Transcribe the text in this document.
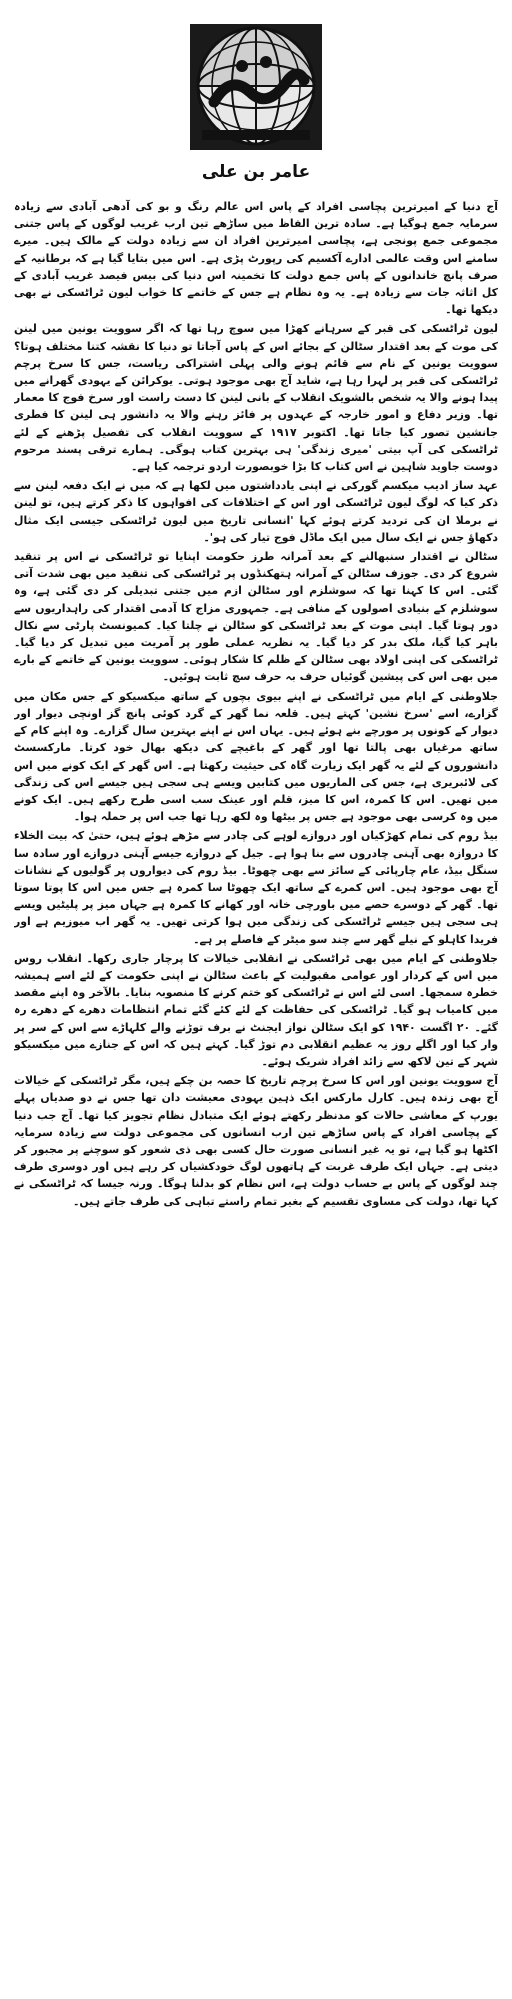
عامر بن علی

آج دنیا کے امیرترین پچاسی افراد کے پاس اس عالم رنگ و بو کی آدھی آبادی سے زیادہ سرمایہ جمع ہوگیا ہے۔ سادہ ترین الفاظ میں ساڑھے تین ارب غریب لوگوں کے پاس جتنی مجموعی جمع پونجی ہے، پچاسی امیرترین افراد ان سے زیادہ دولت کے مالک ہیں۔ میرے سامنے اس وقت عالمی ادارے آکسیم کی رپورٹ پڑی ہے۔ اس میں بتایا گیا ہے کہ برطانیہ کے صرف پانچ خاندانوں کے پاس جمع دولت کا تخمینہ اس دنیا کی بیس فیصد غریب آبادی کے کل اثاثہ جات سے زیادہ ہے۔ یہ وہ نظام ہے جس کے خاتمے کا خواب لیون ٹراٹسکی نے بھی دیکھا تھا۔

لیون ٹراٹسکی کی قبر کے سرہانے کھڑا میں سوچ رہا تھا کہ اگر سوویت یونین میں لینن کی موت کے بعد اقتدار سٹالن کے بجائے اس کے پاس آجاتا تو دنیا کا نقشہ کتنا مختلف ہوتا؟ سوویت یونین کے نام سے قائم ہونے والی پہلی اشتراکی ریاست، جس کا سرخ پرچم ٹراٹسکی کی قبر پر لہرا رہا ہے، شاید آج بھی موجود ہوتی۔ یوکرائن کے یہودی گھرانے میں پیدا ہونے والا یہ شخص بالشویک انقلاب کے بانی لینن کا دست راست اور سرخ فوج کا معمار تھا۔ وزیر دفاع و امور خارجہ کے عہدوں پر فائز رہنے والا یہ دانشور ہی لینن کا فطری جانشین تصور کیا جاتا تھا۔ اکتوبر ۱۹۱۷ کے سوویت انقلاب کی تفصیل پڑھنے کے لئے ٹراٹسکی کی آپ بیتی 'میری زندگی' ہی بہترین کتاب ہوگی۔ ہمارے ترقی پسند مرحوم دوست جاوید شاہین نے اس کتاب کا بڑا خوبصورت اردو ترجمہ کیا ہے۔

عہد ساز ادیب میکسم گورکی نے اپنی یادداشتوں میں لکھا ہے کہ میں نے ایک دفعہ لینن سے ذکر کیا کہ لوگ لیون ٹراٹسکی اور اس کے اختلافات کی افواہوں کا ذکر کرتے ہیں، تو لینن نے برملا ان کی تردید کرتے ہوئے کہا 'انسانی تاریخ میں لیون ٹراٹسکی جیسی ایک مثال دکھاؤ جس نے ایک سال میں ایک ماڈل فوج تیار کی ہو'۔

سٹالن نے اقتدار سنبھالنے کے بعد آمرانہ طرز حکومت اپنایا تو ٹراٹسکی نے اس پر تنقید شروع کر دی۔ جوزف سٹالن کے آمرانہ ہتھکنڈوں پر ٹراٹسکی کی تنقید میں بھی شدت آتی گئی۔ اس کا کہنا تھا کہ سوشلزم اور سٹالن ازم میں جتنی تبدیلی کر دی گئی ہے، وہ سوشلزم کے بنیادی اصولوں کے منافی ہے۔ جمہوری مزاج کا آدمی اقتدار کی راہداریوں سے دور ہوتا گیا۔ اپنی موت کے بعد ٹراٹسکی کو سٹالن نے چلتا کیا۔ کمیونسٹ پارٹی سے نکال باہر کیا گیا، ملک بدر کر دیا گیا۔ یہ نظریہ عملی طور پر آمریت میں تبدیل کر دیا گیا۔ ٹراٹسکی کی اپنی اولاد بھی سٹالن کے ظلم کا شکار ہوئی۔ سوویت یونین کے خاتمے کے بارے میں بھی اس کی پیشین گوئیاں حرف بہ حرف سچ ثابت ہوئیں۔

جلاوطنی کے ایام میں ٹراٹسکی نے اپنے بیوی بچوں کے ساتھ میکسیکو کے جس مکان میں گزارے، اسے 'سرخ نشین' کہتے ہیں۔ قلعہ نما گھر کے گرد کوئی پانچ گز اونچی دیوار اور دیوار کے کونوں پر مورچے بنے ہوئے ہیں۔ یہاں اس نے اپنے بہترین سال گزارے۔ وہ اپنے کام کے ساتھ مرغیاں بھی پالتا تھا اور گھر کے باغیچے کی دیکھ بھال خود کرتا۔ مارکسسٹ دانشوروں کے لئے یہ گھر ایک زیارت گاہ کی حیثیت رکھتا ہے۔ اس گھر کے ایک کونے میں اس کی لائبریری ہے، جس کی الماریوں میں کتابیں ویسے ہی سجی ہیں جیسے اس کی زندگی میں تھیں۔ اس کا کمرہ، اس کا میز، قلم اور عینک سب اسی طرح رکھے ہیں۔ ایک کونے میں وہ کرسی بھی موجود ہے جس پر بیٹھا وہ لکھ رہا تھا جب اس پر حملہ ہوا۔

بیڈ روم کی تمام کھڑکیاں اور دروازے لوہے کی چادر سے مڑھے ہوئے ہیں، حتیٰ کہ بیت الخلاء کا دروازہ بھی آہنی چادروں سے بنا ہوا ہے۔ جیل کے دروازے جیسے آہنی دروازے اور سادہ سا سنگل بیڈ، عام چارپائی کے سائز سے بھی چھوٹا۔ بیڈ روم کی دیواروں پر گولیوں کے نشانات آج بھی موجود ہیں۔ اس کمرے کے ساتھ ایک چھوٹا سا کمرہ ہے جس میں اس کا پوتا سوتا تھا۔ گھر کے دوسرے حصے میں باورچی خانہ اور کھانے کا کمرہ ہے جہاں میز پر پلیٹیں ویسے ہی سجی ہیں جیسے ٹراٹسکی کی زندگی میں ہوا کرتی تھیں۔ یہ گھر اب میوزیم ہے اور فریدا کاہلو کے نیلے گھر سے چند سو میٹر کے فاصلے پر ہے۔

جلاوطنی کے ایام میں بھی ٹراٹسکی نے انقلابی خیالات کا پرچار جاری رکھا۔ انقلاب روس میں اس کے کردار اور عوامی مقبولیت کے باعث سٹالن نے اپنی حکومت کے لئے اسے ہمیشہ خطرہ سمجھا۔ اسی لئے اس نے ٹراٹسکی کو ختم کرنے کا منصوبہ بنایا۔ بالآخر وہ اپنے مقصد میں کامیاب ہو گیا۔ ٹراٹسکی کی حفاظت کے لئے کئے گئے تمام انتظامات دھرے کے دھرے رہ گئے۔ ۲۰ اگست ۱۹۴۰ کو ایک سٹالن نواز ایجنٹ نے برف توڑنے والے کلہاڑے سے اس کے سر پر وار کیا اور اگلے روز یہ عظیم انقلابی دم توڑ گیا۔ کہتے ہیں کہ اس کے جنازے میں میکسیکو شہر کے تین لاکھ سے زائد افراد شریک ہوئے۔

آج سوویت یونین اور اس کا سرخ پرچم تاریخ کا حصہ بن چکے ہیں، مگر ٹراٹسکی کے خیالات آج بھی زندہ ہیں۔ کارل مارکس ایک ذہین یہودی معیشت دان تھا جس نے دو صدیاں پہلے یورپ کے معاشی حالات کو مدنظر رکھتے ہوئے ایک متبادل نظام تجویز کیا تھا۔ آج جب دنیا کے پچاسی افراد کے پاس ساڑھے تین ارب انسانوں کی مجموعی دولت سے زیادہ سرمایہ اکٹھا ہو گیا ہے، تو یہ غیر انسانی صورت حال کسی بھی ذی شعور کو سوچنے پر مجبور کر دیتی ہے۔ جہاں ایک طرف غربت کے ہاتھوں لوگ خودکشیاں کر رہے ہیں اور دوسری طرف چند لوگوں کے پاس بے حساب دولت ہے، اس نظام کو بدلنا ہوگا۔ ورنہ جیسا کہ ٹراٹسکی نے کہا تھا، دولت کی مساوی تقسیم کے بغیر تمام راستے تباہی کی طرف جاتے ہیں۔
